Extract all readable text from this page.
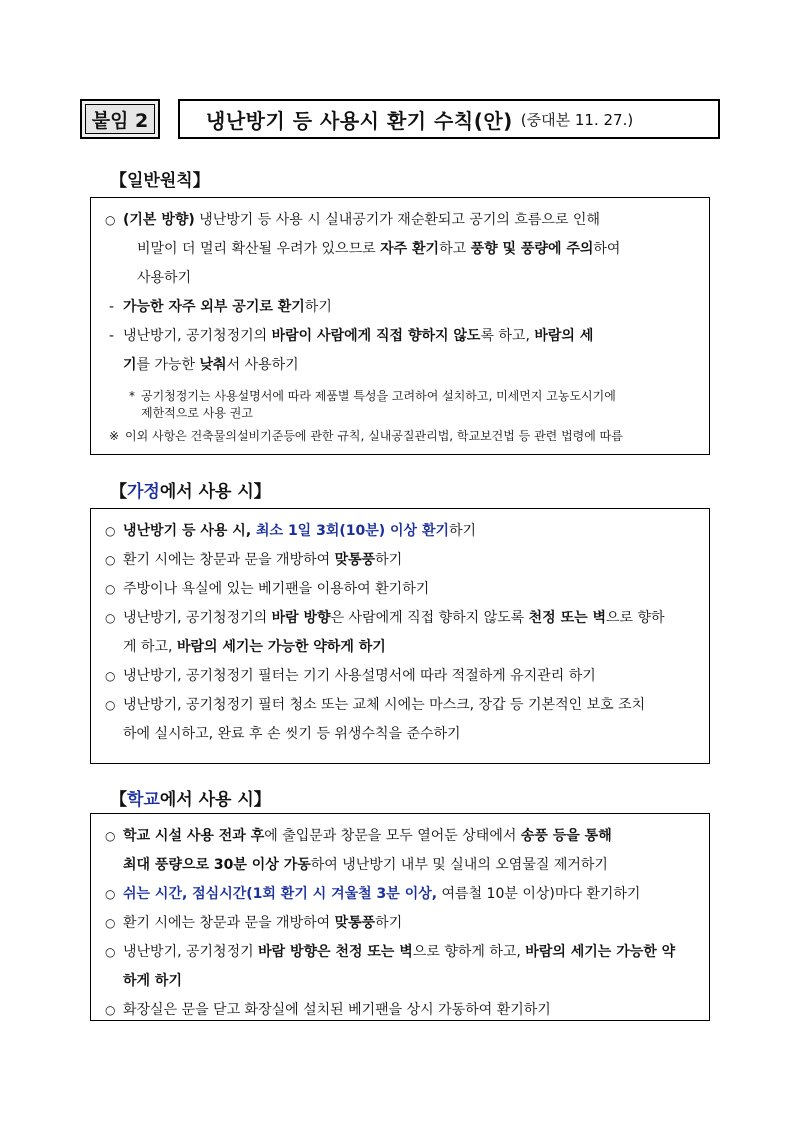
붙임 2	냉난방기 등 사용시 환기 수칙(안) (중대본 11. 27.)
【일반원칙】
○ (기본 방향) 냉난방기 등 사용 시 실내공기가 재순환되고 공기의 흐름으로 인해
비말이 더 멀리 확산될 우려가 있으므로 자주 환기하고 풍향 및 풍량에 주의하여
사용하기
- 가능한 자주 외부 공기로 환기하기
- 냉난방기, 공기청정기의 바람이 사람에게 직접 향하지 않도록 하고, 바람의 세
기를 가능한 낮춰서 사용하기
* 공기청정기는 사용설명서에 따라 제품별 특성을 고려하여 설치하고, 미세먼지 고농도시기에
제한적으로 사용 권고
※ 이외 사항은 건축물의설비기준등에 관한 규칙, 실내공질관리법, 학교보건법 등 관련 법령에 따름
【가정에서 사용 시】
○ 냉난방기 등 사용 시, 최소 1일 3회(10분) 이상 환기하기
○ 환기 시에는 창문과 문을 개방하여 맞통풍하기
○ 주방이나 욕실에 있는 베기팬을 이용하여 환기하기
○ 냉난방기, 공기청정기의 바람 방향은 사람에게 직접 향하지 않도록 천정 또는 벽으로 향하
게 하고, 바람의 세기는 가능한 약하게 하기
○ 냉난방기, 공기청정기 필터는 기기 사용설명서에 따라 적절하게 유지관리 하기
○ 냉난방기, 공기청정기 필터 청소 또는 교체 시에는 마스크, 장갑 등 기본적인 보호 조치
하에 실시하고, 완료 후 손 씻기 등 위생수칙을 준수하기
【학교에서 사용 시】
○ 학교 시설 사용 전과 후에 출입문과 창문을 모두 열어둔 상태에서 송풍 등을 통해
최대 풍량으로 30분 이상 가동하여 냉난방기 내부 및 실내의 오염물질 제거하기
○ 쉬는 시간, 점심시간(1회 환기 시 겨울철 3분 이상, 여름철 10분 이상)마다 환기하기
○ 환기 시에는 창문과 문을 개방하여 맞통풍하기
○ 냉난방기, 공기청정기 바람 방향은 천정 또는 벽으로 향하게 하고, 바람의 세기는 가능한 약
하게 하기
○ 화장실은 문을 닫고 화장실에 설치된 베기팬을 상시 가동하여 환기하기
